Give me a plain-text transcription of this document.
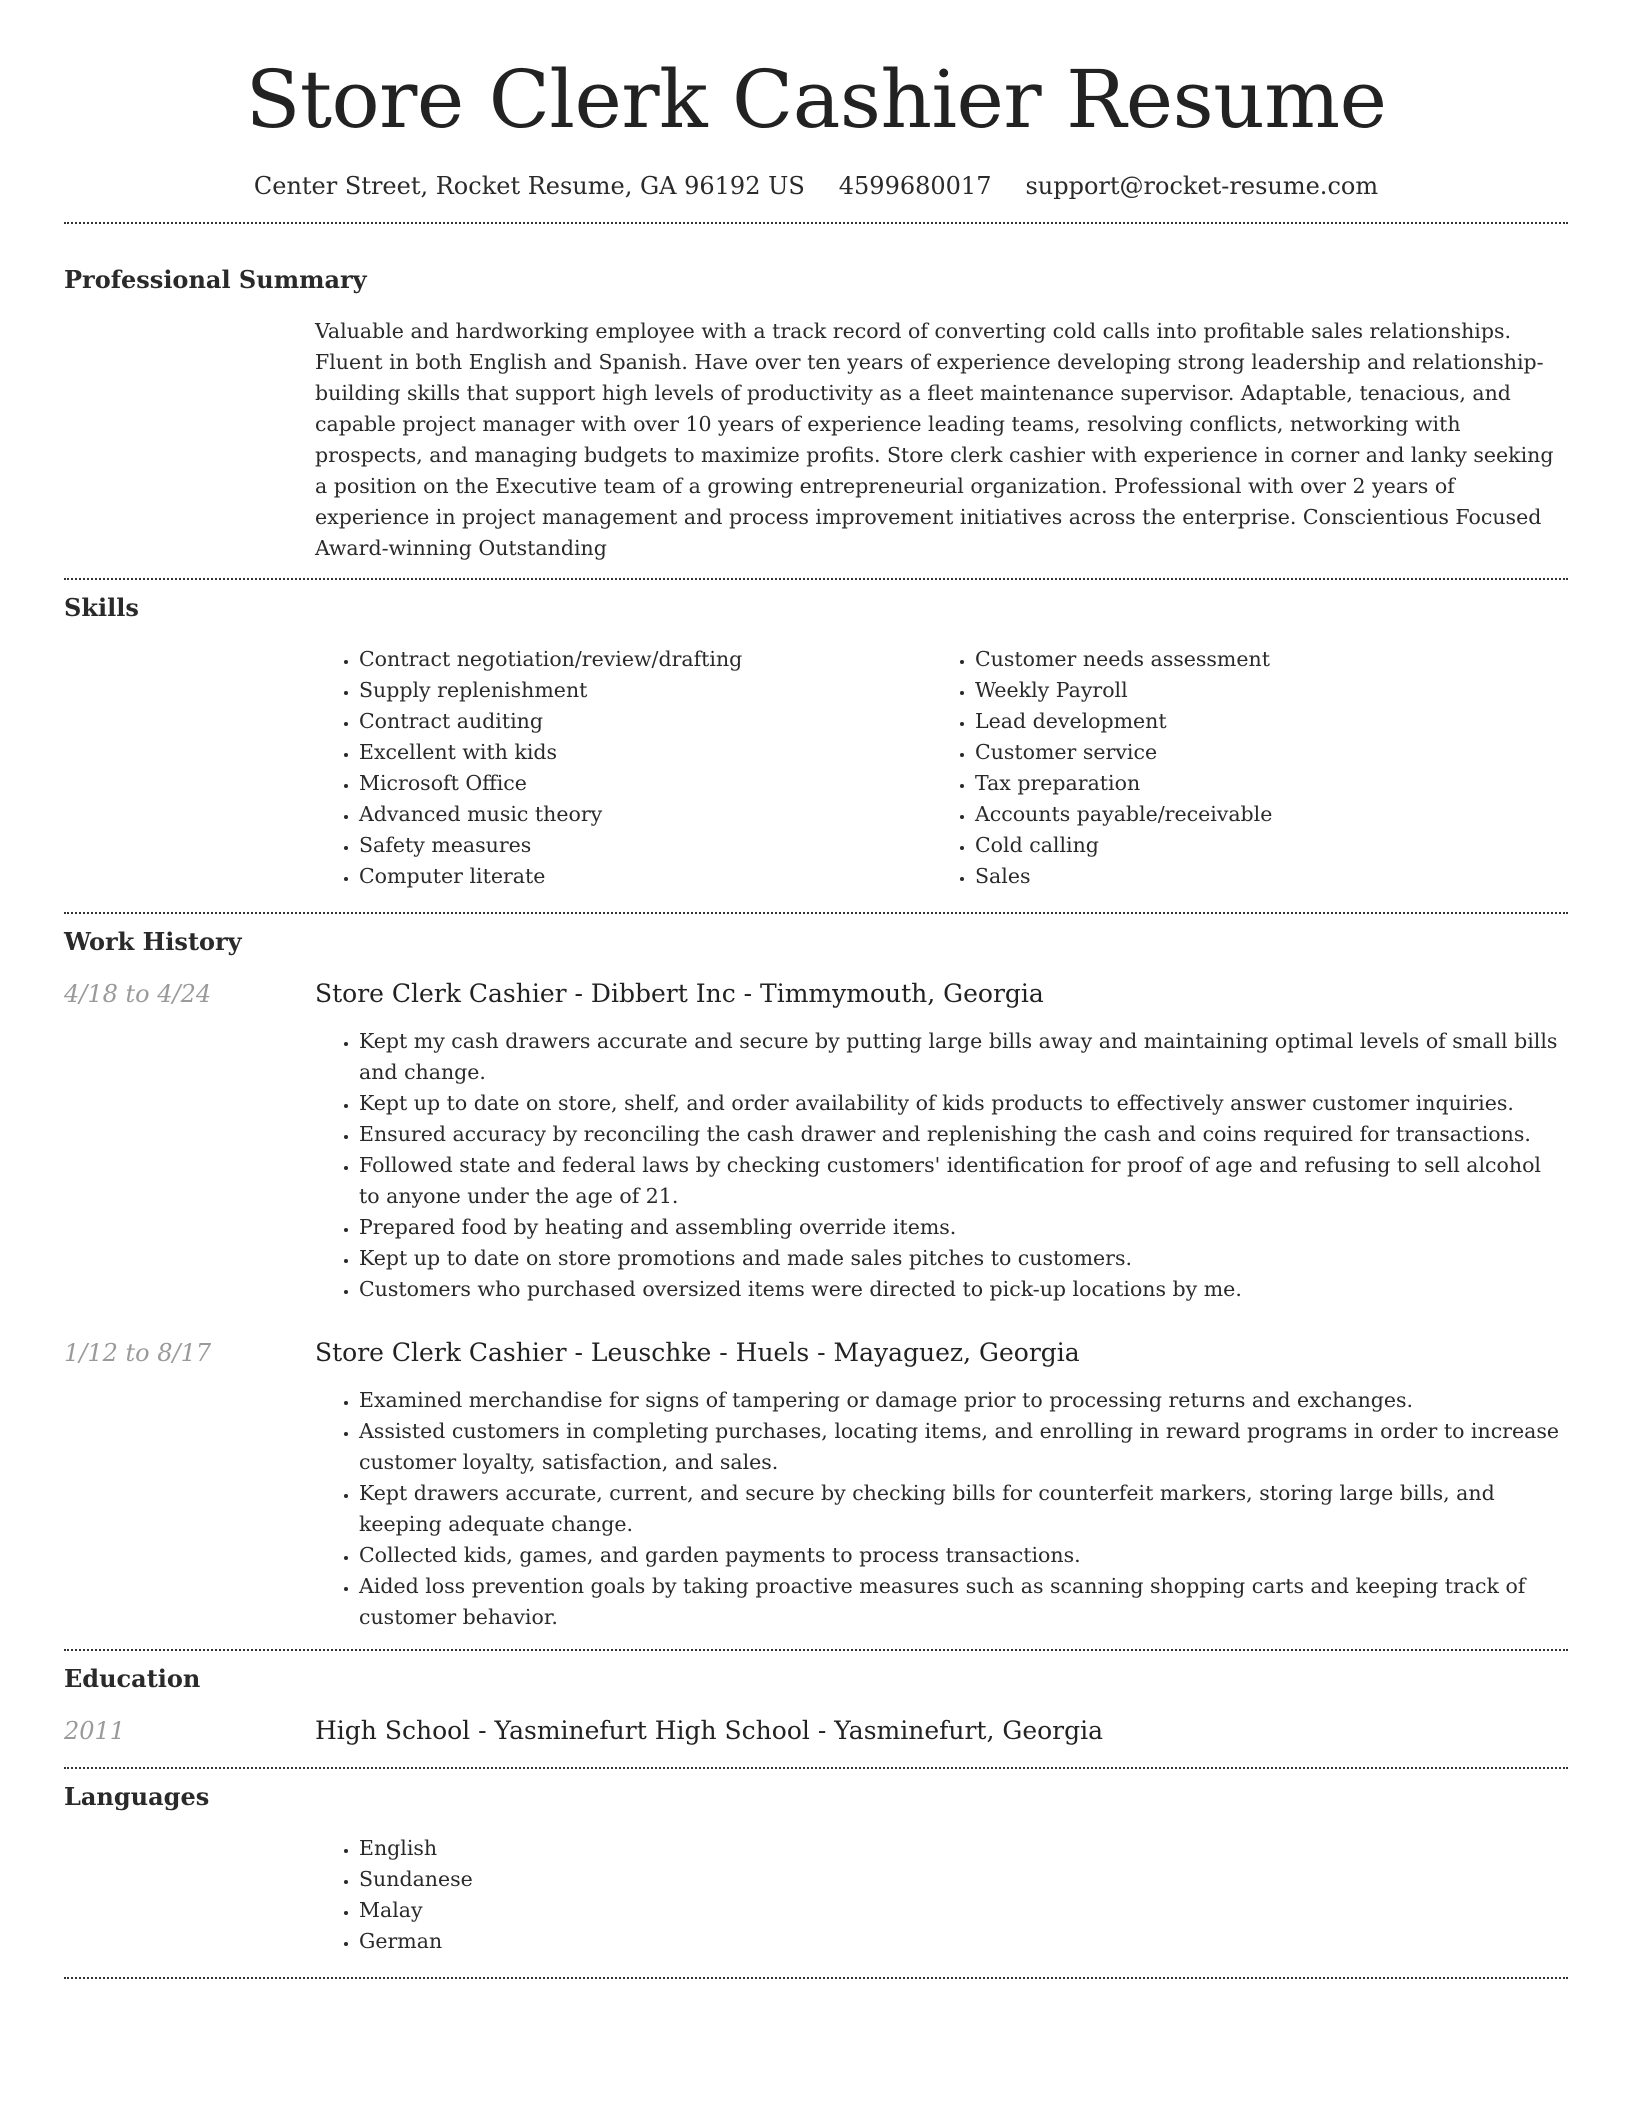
Store Clerk Cashier Resume
Center Street, Rocket Resume, GA 96192 US 4599680017 support@rocket-resume.com
Professional Summary
Valuable and hardworking employee with a track record of converting cold calls into profitable sales relationships. Fluent in both English and Spanish. Have over ten years of experience developing strong leadership and relationship-building skills that support high levels of productivity as a fleet maintenance supervisor. Adaptable, tenacious, and capable project manager with over 10 years of experience leading teams, resolving conflicts, networking with prospects, and managing budgets to maximize profits. Store clerk cashier with experience in corner and lanky seeking a position on the Executive team of a growing entrepreneurial organization. Professional with over 2 years of experience in project management and process improvement initiatives across the enterprise. Conscientious Focused Award-winning Outstanding
Skills
• Contract negotiation/review/drafting
• Supply replenishment
• Contract auditing
• Excellent with kids
• Microsoft Office
• Advanced music theory
• Safety measures
• Computer literate
• Customer needs assessment
• Weekly Payroll
• Lead development
• Customer service
• Tax preparation
• Accounts payable/receivable
• Cold calling
• Sales
Work History
4/18 to 4/24	Store Clerk Cashier - Dibbert Inc - Timmymouth, Georgia
• Kept my cash drawers accurate and secure by putting large bills away and maintaining optimal levels of small bills and change.
• Kept up to date on store, shelf, and order availability of kids products to effectively answer customer inquiries.
• Ensured accuracy by reconciling the cash drawer and replenishing the cash and coins required for transactions.
• Followed state and federal laws by checking customers' identification for proof of age and refusing to sell alcohol to anyone under the age of 21.
• Prepared food by heating and assembling override items.
• Kept up to date on store promotions and made sales pitches to customers.
• Customers who purchased oversized items were directed to pick-up locations by me.
1/12 to 8/17	Store Clerk Cashier - Leuschke - Huels - Mayaguez, Georgia
• Examined merchandise for signs of tampering or damage prior to processing returns and exchanges.
• Assisted customers in completing purchases, locating items, and enrolling in reward programs in order to increase customer loyalty, satisfaction, and sales.
• Kept drawers accurate, current, and secure by checking bills for counterfeit markers, storing large bills, and keeping adequate change.
• Collected kids, games, and garden payments to process transactions.
• Aided loss prevention goals by taking proactive measures such as scanning shopping carts and keeping track of customer behavior.
Education
2011	High School - Yasminefurt High School - Yasminefurt, Georgia
Languages
• English
• Sundanese
• Malay
• German
